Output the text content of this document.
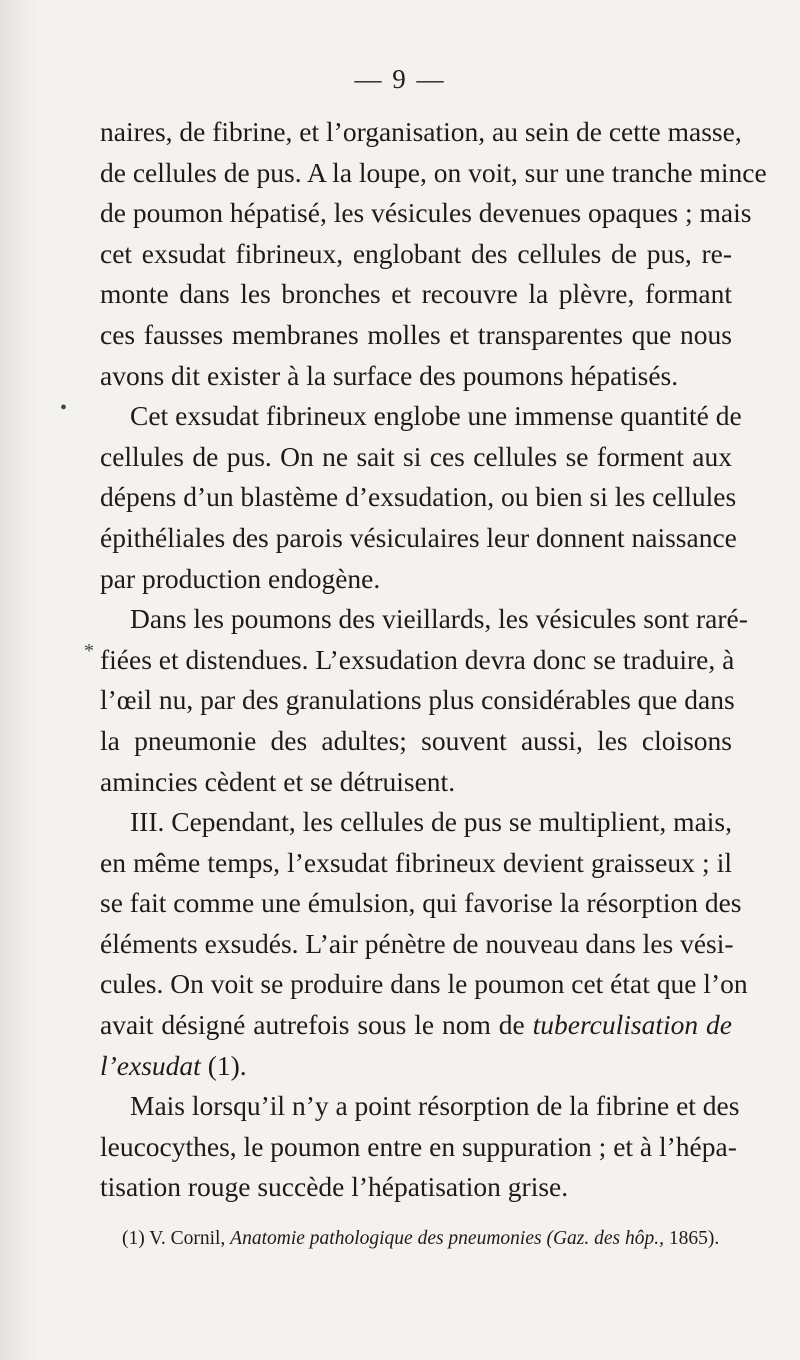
— 9 —
•
*

naires, de fibrine, et l’organisation, au sein de cette masse,
de cellules de pus. A la loupe, on voit, sur une tranche mince
de poumon hépatisé, les vésicules devenues opaques ; mais
cet exsudat fibrineux, englobant des cellules de pus, re-
monte dans les bronches et recouvre la plèvre, formant
ces fausses membranes molles et transparentes que nous
avons dit exister à la surface des poumons hépatisés.

Cet exsudat fibrineux englobe une immense quantité de
cellules de pus. On ne sait si ces cellules se forment aux
dépens d’un blastème d’exsudation, ou bien si les cellules
épithéliales des parois vésiculaires leur donnent naissance
par production endogène.

Dans les poumons des vieillards, les vésicules sont raré-
fiées et distendues. L’exsudation devra donc se traduire, à
l’œil nu, par des granulations plus considérables que dans
la pneumonie des adultes; souvent aussi, les cloisons
amincies cèdent et se détruisent.

III. Cependant, les cellules de pus se multiplient, mais,
en même temps, l’exsudat fibrineux devient graisseux ; il
se fait comme une émulsion, qui favorise la résorption des
éléments exsudés. L’air pénètre de nouveau dans les vési-
cules. On voit se produire dans le poumon cet état que l’on
avait désigné autrefois sous le nom de tuberculisation de
l’exsudat (1).

Mais lorsqu’il n’y a point résorption de la fibrine et des
leucocythes, le poumon entre en suppuration ; et à l’hépa-
tisation rouge succède l’hépatisation grise.

(1) V. Cornil, Anatomie pathologique des pneumonies (Gaz. des hôp., 1865).
